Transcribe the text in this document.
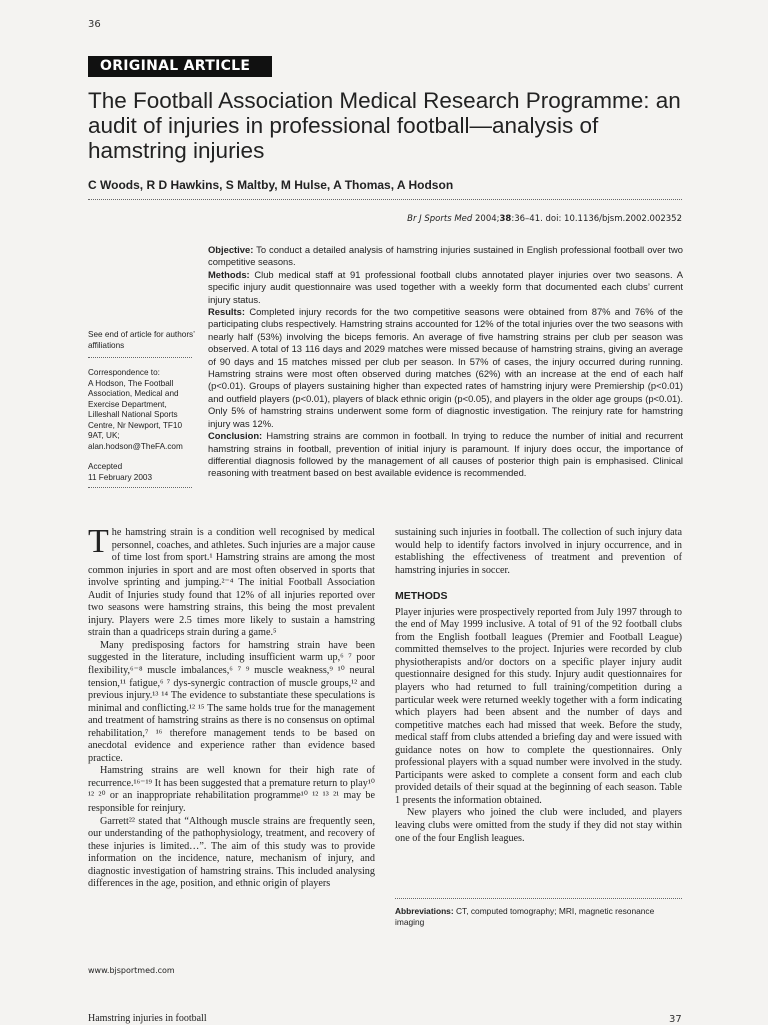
36
ORIGINAL ARTICLE
The Football Association Medical Research Programme: an audit of injuries in professional football—analysis of hamstring injuries
C Woods, R D Hawkins, S Maltby, M Hulse, A Thomas, A Hodson
Br J Sports Med 2004;38:36–41. doi: 10.1136/bjsm.2002.002352

See end of article for authors’ affiliations

Correspondence to:

A Hodson, The Football Association, Medical and Exercise Department, Lilleshall National Sports Centre, Nr Newport, TF10 9AT, UK; alan.hodson@TheFA.com

Accepted

11 February 2003

Objective: To conduct a detailed analysis of hamstring injuries sustained in English professional football over two competitive seasons.

Methods: Club medical staff at 91 professional football clubs annotated player injuries over two seasons. A specific injury audit questionnaire was used together with a weekly form that documented each clubs’ current injury status.

Results: Completed injury records for the two competitive seasons were obtained from 87% and 76% of the participating clubs respectively. Hamstring strains accounted for 12% of the total injuries over the two seasons with nearly half (53%) involving the biceps femoris. An average of five hamstring strains per club per season was observed. A total of 13 116 days and 2029 matches were missed because of hamstring strains, giving an average of 90 days and 15 matches missed per club per season. In 57% of cases, the injury occurred during running. Hamstring strains were most often observed during matches (62%) with an increase at the end of each half (p<0.01). Groups of players sustaining higher than expected rates of hamstring injury were Premiership (p<0.01) and outfield players (p<0.01), players of black ethnic origin (p<0.05), and players in the older age groups (p<0.01). Only 5% of hamstring strains underwent some form of diagnostic investigation. The reinjury rate for hamstring injury was 12%.

Conclusion: Hamstring strains are common in football. In trying to reduce the number of initial and recurrent hamstring strains in football, prevention of initial injury is paramount. If injury does occur, the importance of differential diagnosis followed by the management of all causes of posterior thigh pain is emphasised. Clinical reasoning with treatment based on best available evidence is recommended.

The hamstring strain is a condition well recognised by medical personnel, coaches, and athletes. Such injuries are a major cause of time lost from sport.¹ Hamstring strains are among the most common injuries in sport and are most often observed in sports that involve sprinting and jumping.²⁻⁴ The initial Football Association Audit of Injuries study found that 12% of all injuries reported over two seasons were hamstring strains, this being the most prevalent injury. Players were 2.5 times more likely to sustain a hamstring strain than a quadriceps strain during a game.⁵

Many predisposing factors for hamstring strain have been suggested in the literature, including insufficient warm up,⁶ ⁷ poor flexibility,⁶⁻⁸ muscle imbalances,⁶ ⁷ ⁹ muscle weakness,⁹ ¹⁰ neural tension,¹¹ fatigue,⁶ ⁷ dys-synergic contraction of muscle groups,¹² and previous injury.¹³ ¹⁴ The evidence to substantiate these speculations is minimal and conflicting.¹² ¹⁵ The same holds true for the management and treatment of hamstring strains as there is no consensus on optimal rehabilitation,⁷ ¹⁶ therefore management tends to be based on anecdotal evidence and experience rather than evidence based practice.

Hamstring strains are well known for their high rate of recurrence.¹⁶⁻¹⁹ It has been suggested that a premature return to play¹⁰ ¹² ²⁰ or an inappropriate rehabilitation programme¹⁰ ¹² ¹³ ²¹ may be responsible for reinjury.

Garrett²² stated that “Although muscle strains are frequently seen, our understanding of the pathophysiology, treatment, and recovery of these injuries is limited…”. The aim of this study was to provide information on the incidence, nature, mechanism of injury, and diagnostic investigation of hamstring strains. This included analysing differences in the age, position, and ethnic origin of players

sustaining such injuries in football. The collection of such injury data would help to identify factors involved in injury occurrence, and in establishing the effectiveness of treatment and prevention of hamstring injuries in soccer.

METHODS

Player injuries were prospectively reported from July 1997 through to the end of May 1999 inclusive. A total of 91 of the 92 football clubs from the English football leagues (Premier and Football League) committed themselves to the project. Injuries were recorded by club physiotherapists and/or doctors on a specific player injury audit questionnaire designed for this study. Injury audit questionnaires for players who had returned to full training/competition during a particular week were returned weekly together with a form indicating which players had been absent and the number of days and competitive matches each had missed that week. Before the study, medical staff from clubs attended a briefing day and were issued with guidance notes on how to complete the questionnaires. Only professional players with a squad number were involved in the study. Participants were asked to complete a consent form and each club provided details of their squad at the beginning of each season. Table 1 presents the information obtained.

New players who joined the club were included, and players leaving clubs were omitted from the study if they did not stay within one of the four English leagues.

Abbreviations: CT, computed tomography; MRI, magnetic resonance imaging
www.bjsportmed.com
Hamstring injuries in football	37
